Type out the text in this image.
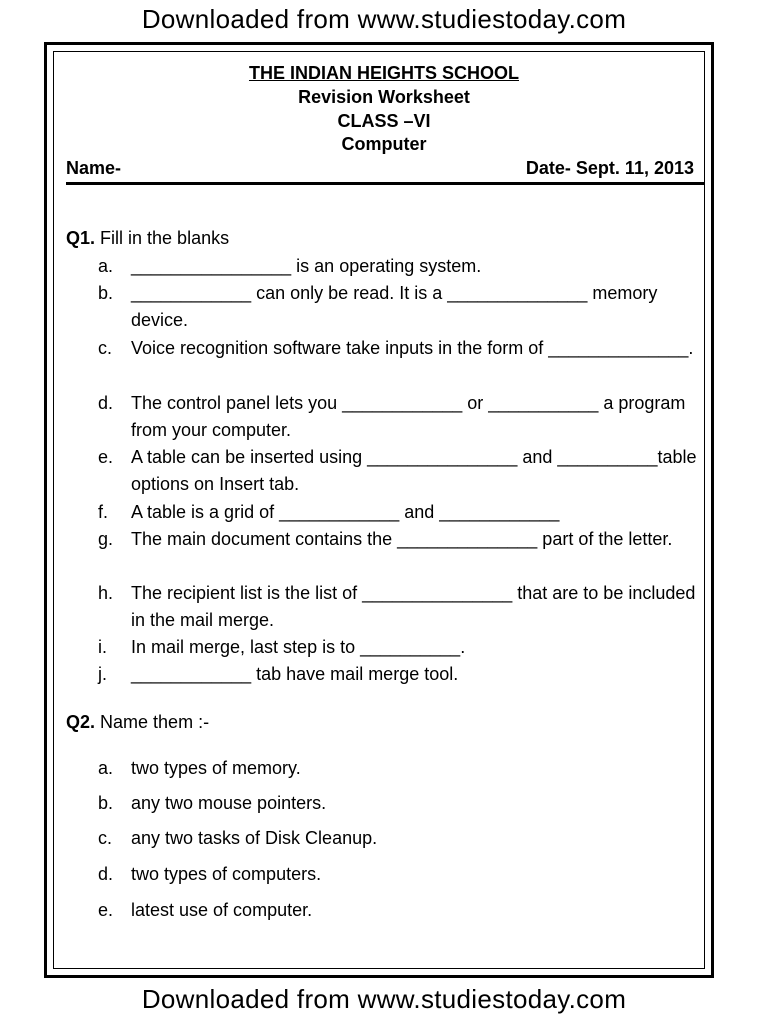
Downloaded from www.studiestoday.com
THE INDIAN HEIGHTS SCHOOL
Revision Worksheet
CLASS –VI
Computer
Name-	Date- Sept. 11, 2013
Q1. Fill in the blanks
a. ________________ is an operating system.
b. ____________ can only be read. It is a ______________ memory device.
c. Voice recognition software take inputs in the form of ______________.
d. The control panel lets you ____________ or ___________ a program from your computer.
e. A table can be inserted using _______________ and __________table options on Insert tab.
f. A table is a grid of ____________ and ____________
g. The main document contains the ______________ part of the letter.
h. The recipient list is the list of _______________ that are to be included in the mail merge.
i. In mail merge, last step is to __________.
j. ____________ tab have mail merge tool.
Q2. Name them :-
a. two types of memory.
b. any two mouse pointers.
c. any two tasks of Disk Cleanup.
d. two types of computers.
e. latest use of computer.
Downloaded from www.studiestoday.com
